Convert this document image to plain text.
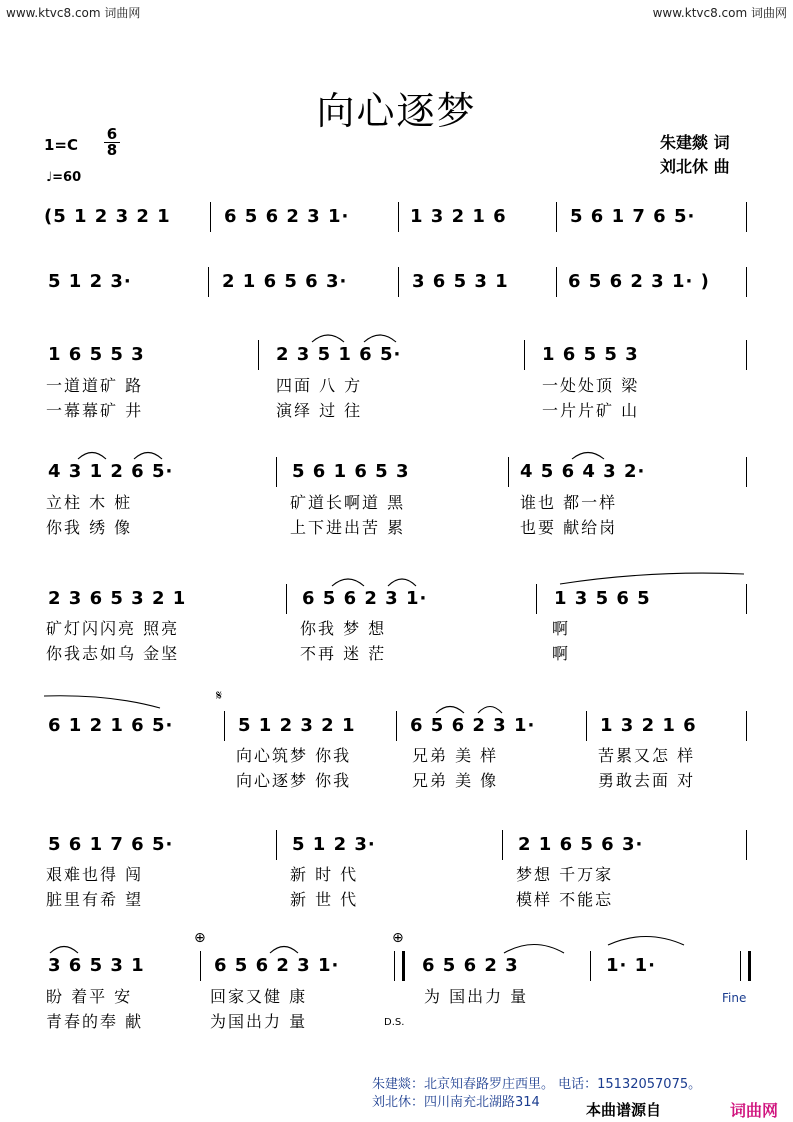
www.ktvc8.com 词曲网	www.ktvc8.com 词曲网
向心逐梦
$1=C \frac{6}{8}$
♩=60
朱建燚 词
刘北休 曲
(5 1 2 3 2 1	6 5 6 2 3 1·	1 3 2 1 6	5 6 1 7 6 5·
5 1 2 3·	2 1 6 5 6 3·	3 6 5 3 1	6 5 6 2 3 1· )
1 6 5 5 3	2 3 5 1 6 5·	1 6 5 5 3
一道道矿 路	四面 八 方	一处处顶 梁
一幕幕矿 井	演绎 过 往	一片片矿 山
4 3 1 2 6 5·	5 6 1 6 5 3	4 5 6 4 3 2·
立柱 木 桩	矿道长啊道 黑	谁也 都一样
你我 绣 像	上下进出苦 累	也要 献给岗
2 3 6 5 3 2 1	6 5 6 2 3 1·	1 3 5 6 5
矿灯闪闪亮 照亮	你我 梦 想	啊
你我志如乌 金坚	不再 迷 茫	啊
𝄋
6 1 2 1 6 5·	5 1 2 3 2 1	6 5 6 2 3 1·	1 3 2 1 6
向心筑梦 你我	兄弟 美 样	苦累又怎 样
向心逐梦 你我	兄弟 美 像	勇敢去面 对
5 6 1 7 6 5·	5 1 2 3·	2 1 6 5 6 3·
艰难也得 闯	新 时 代	梦想 千万家
脏里有希 望	新 世 代	模样 不能忘
⊕	⊕
3 6 5 3 1	6 5 6 2 3 1·	6 5 6 2 3	1· 1·
盼 着平 安	回家又健 康	为 国出力 量
青春的奉 献	为国出力 量
Fine
D.S.
朱建燚：北京知春路罗庄西里。 电话：15132057075。
刘北休：四川南充北湖路314	本曲谱源自	词曲网
